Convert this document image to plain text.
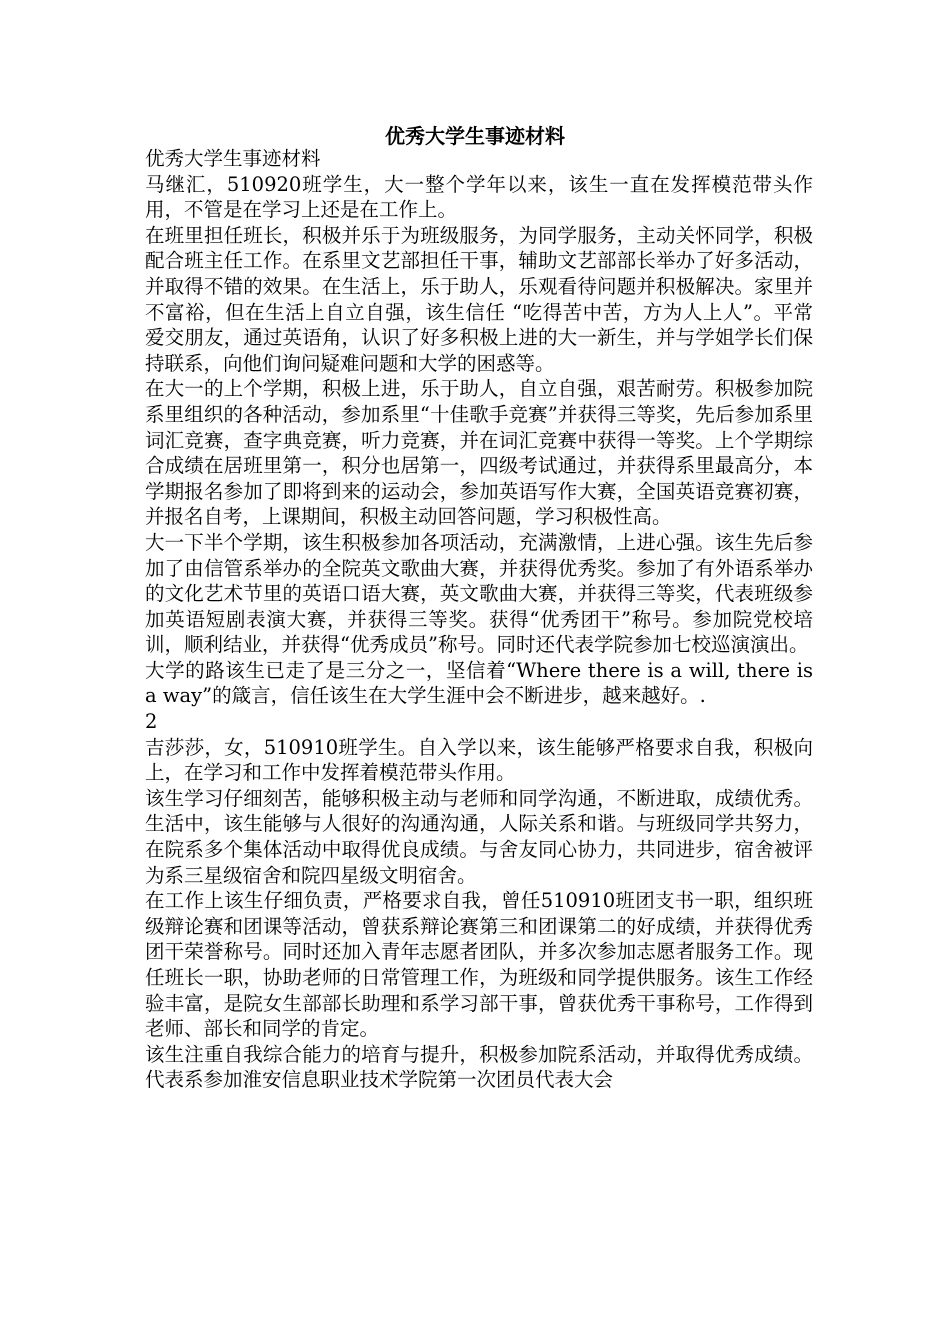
优秀大学生事迹材料

优秀大学生事迹材料

马继汇，510920班学生，大一整个学年以来，该生一直在发挥模范带头作用，不管是在学习上还是在工作上。

在班里担任班长，积极并乐于为班级服务，为同学服务，主动关怀同学，积极配合班主任工作。在系里文艺部担任干事，辅助文艺部部长举办了好多活动，并取得不错的效果。在生活上，乐于助人，乐观看待问题并积极解决。家里并不富裕，但在生活上自立自强，该生信任 “吃得苦中苦，方为人上人”。平常爱交朋友，通过英语角，认识了好多积极上进的大一新生，并与学姐学长们保持联系，向他们询问疑难问题和大学的困惑等。

在大一的上个学期，积极上进，乐于助人，自立自强，艰苦耐劳。积极参加院系里组织的各种活动，参加系里“十佳歌手竞赛”并获得三等奖，先后参加系里词汇竞赛，查字典竞赛，听力竞赛，并在词汇竞赛中获得一等奖。上个学期综合成绩在居班里第一，积分也居第一，四级考试通过，并获得系里最高分，本学期报名参加了即将到来的运动会，参加英语写作大赛，全国英语竞赛初赛，并报名自考，上课期间，积极主动回答问题，学习积极性高。

大一下半个学期，该生积极参加各项活动，充满激情，上进心强。该生先后参加了由信管系举办的全院英文歌曲大赛，并获得优秀奖。参加了有外语系举办的文化艺术节里的英语口语大赛，英文歌曲大赛，并获得三等奖，代表班级参加英语短剧表演大赛，并获得三等奖。获得“优秀团干”称号。参加院党校培训，顺利结业，并获得“优秀成员”称号。同时还代表学院参加七校巡演演出。

大学的路该生已走了是三分之一，坚信着“Where there is a will, there is a way”的箴言，信任该生在大学生涯中会不断进步，越来越好。.

2

吉莎莎，女，510910班学生。自入学以来，该生能够严格要求自我，积极向上，在学习和工作中发挥着模范带头作用。

该生学习仔细刻苦，能够积极主动与老师和同学沟通，不断进取，成绩优秀。生活中，该生能够与人很好的沟通沟通，人际关系和谐。与班级同学共努力，在院系多个集体活动中取得优良成绩。与舍友同心协力，共同进步，宿舍被评为系三星级宿舍和院四星级文明宿舍。

在工作上该生仔细负责，严格要求自我，曾任510910班团支书一职，组织班级辩论赛和团课等活动，曾获系辩论赛第三和团课第二的好成绩，并获得优秀团干荣誉称号。同时还加入青年志愿者团队，并多次参加志愿者服务工作。现任班长一职，协助老师的日常管理工作，为班级和同学提供服务。该生工作经验丰富，是院女生部部长助理和系学习部干事，曾获优秀干事称号，工作得到老师、部长和同学的肯定。

该生注重自我综合能力的培育与提升，积极参加院系活动，并取得优秀成绩。代表系参加淮安信息职业技术学院第一次团员代表大会
